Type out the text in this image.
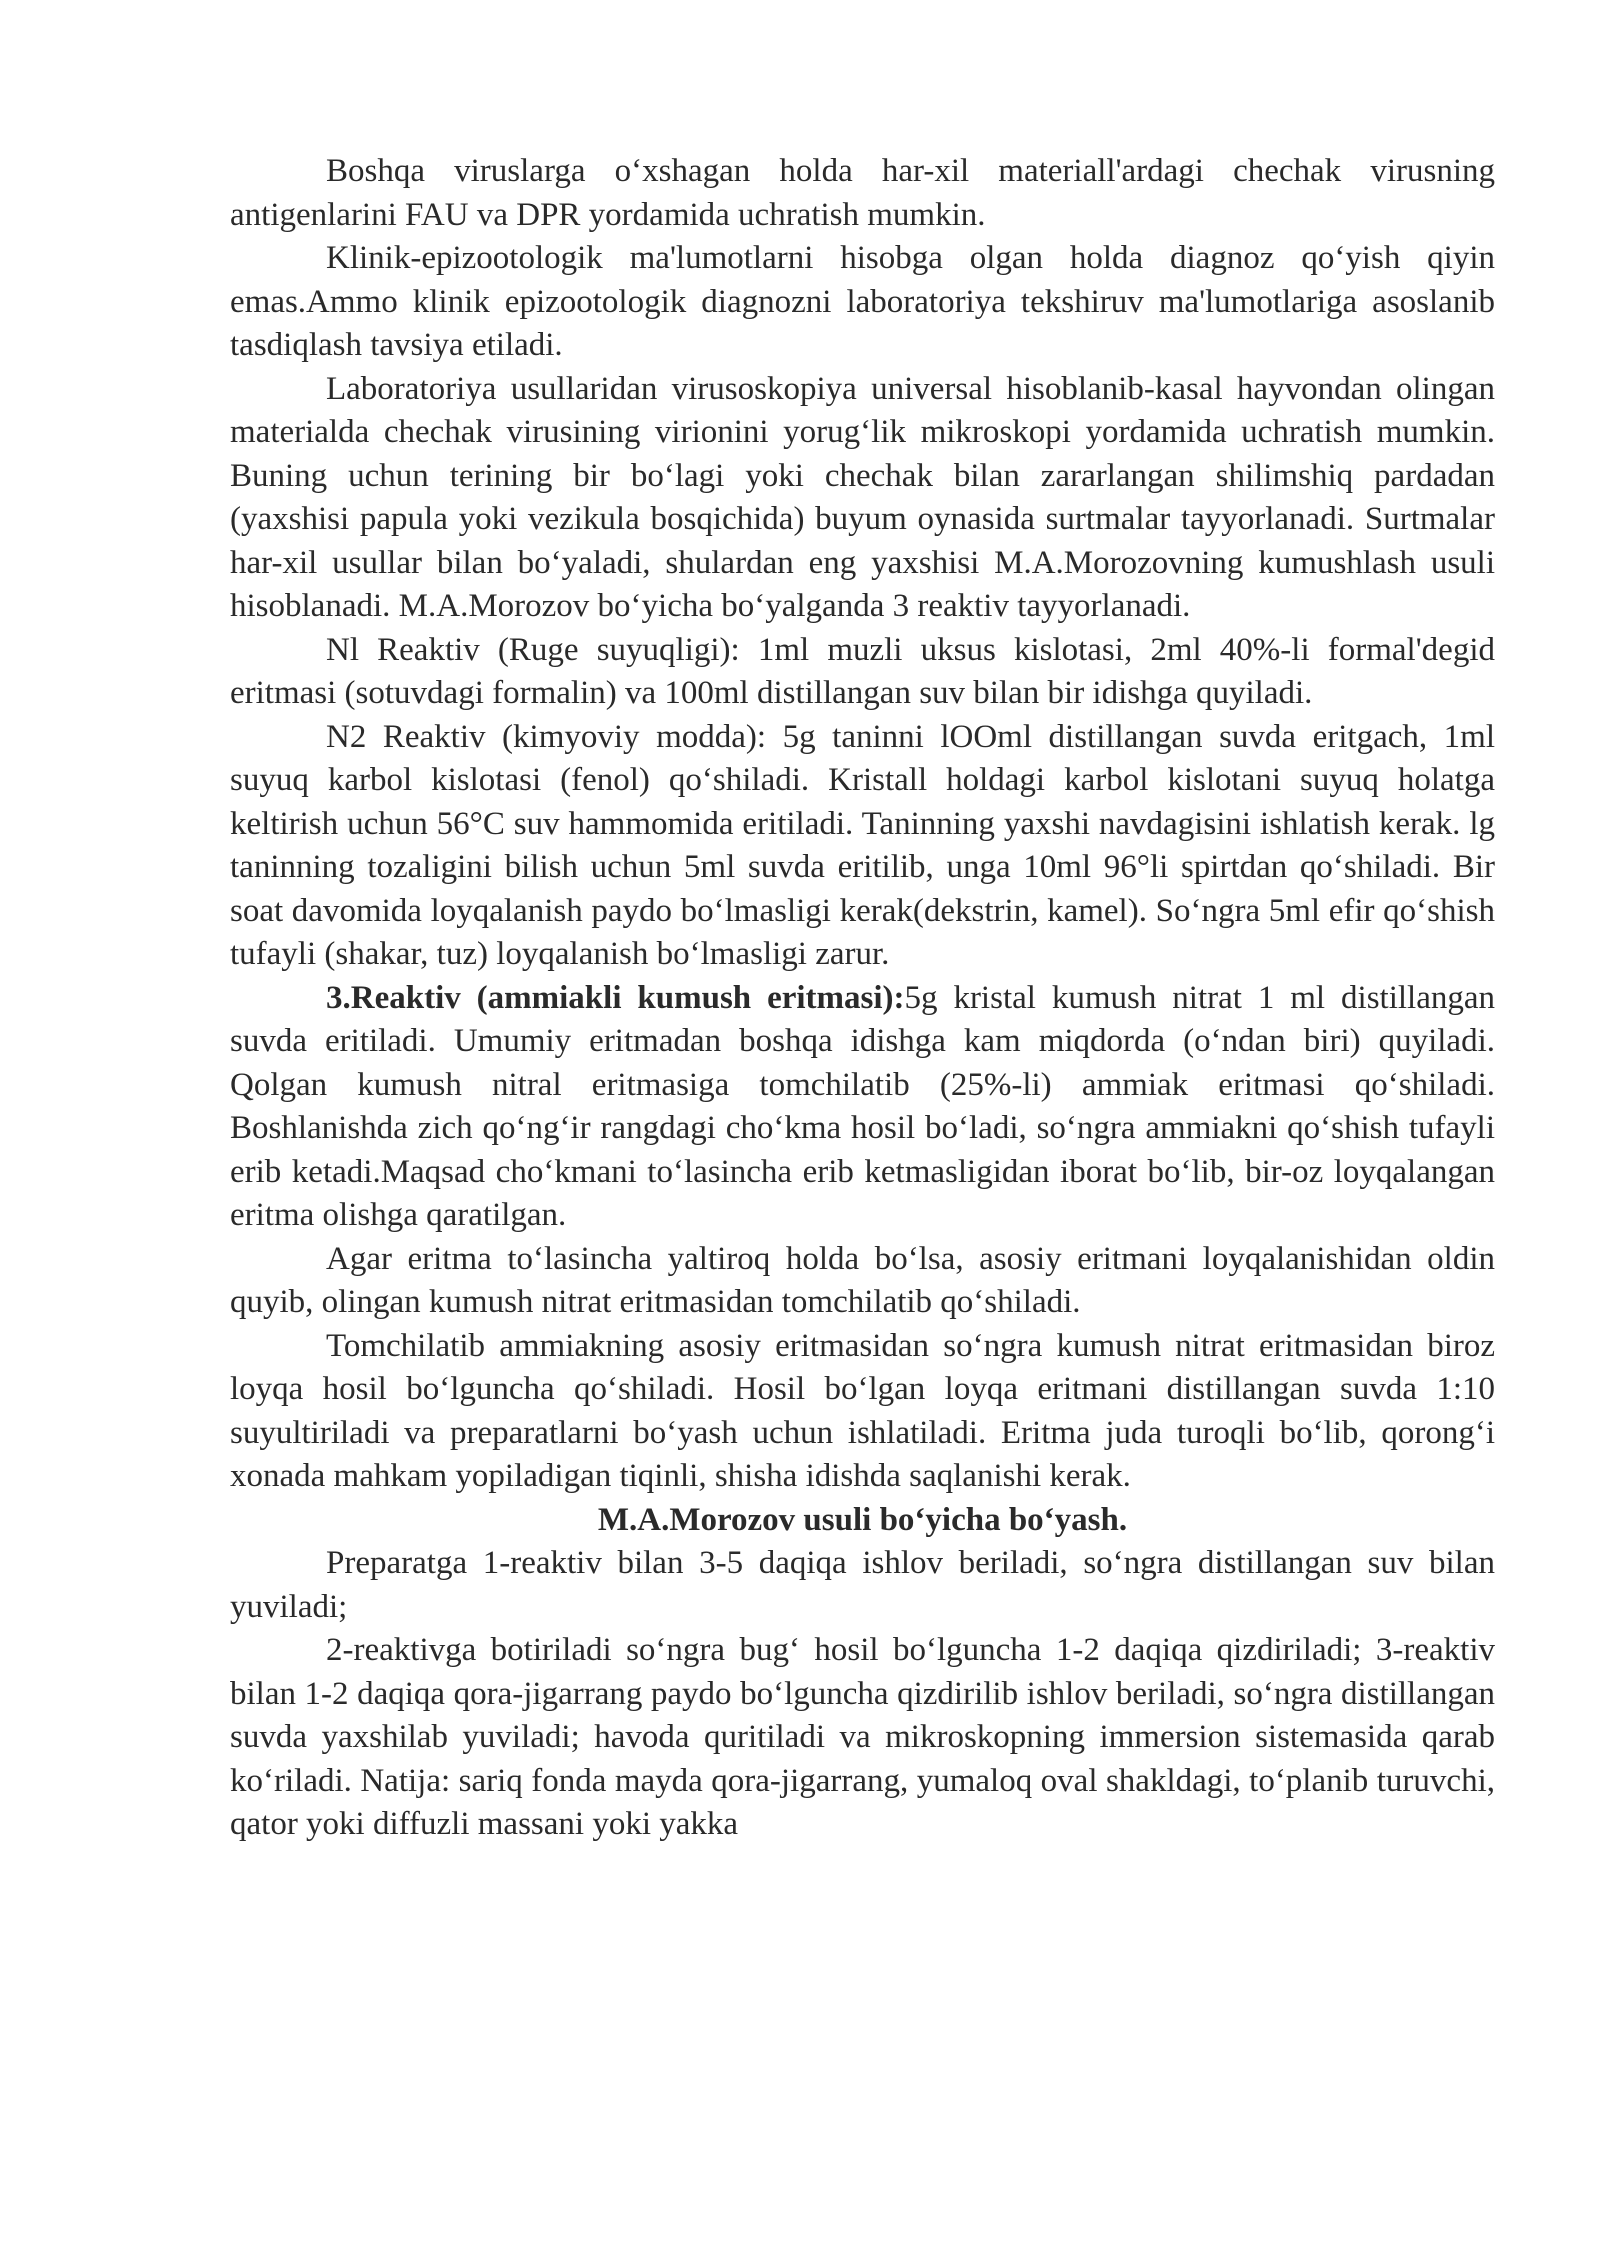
Boshqa viruslarga o‘xshagan holda har-xil materiall'ardagi chechak virusning antigenlarini FAU va DPR yordamida uchratish mumkin.

Klinik-epizootologik ma'lumotlarni hisobga olgan holda diagnoz qo‘yish qiyin emas.Ammo klinik epizootologik diagnozni laboratoriya tekshiruv ma'lumotlariga asoslanib tasdiqlash tavsiya etiladi.

Laboratoriya usullaridan virusoskopiya universal hisoblanib-kasal hayvondan olingan materialda chechak virusining virionini yorug‘lik mikroskopi yordamida uchratish mumkin. Buning uchun terining bir bo‘lagi yoki chechak bilan zararlangan shilimshiq pardadan (yaxshisi papula yoki vezikula bosqichida) buyum oynasida surtmalar tayyorlanadi. Surtmalar har-xil usullar bilan bo‘yaladi, shulardan eng yaxshisi M.A.Morozovning kumushlash usuli hisoblanadi. M.A.Morozov bo‘yicha bo‘yalganda 3 reaktiv tayyorlanadi.

Nl Reaktiv (Ruge suyuqligi): 1ml muzli uksus kislotasi, 2ml 40%-li formal'degid eritmasi (sotuvdagi formalin) va 100ml distillangan suv bilan bir idishga quyiladi.

N2 Reaktiv (kimyoviy modda): 5g taninni lOOml distillangan suvda eritgach, 1ml suyuq karbol kislotasi (fenol) qo‘shiladi. Kristall holdagi karbol kislotani suyuq holatga keltirish uchun 56°C suv hammomida eritiladi. Taninning yaxshi navdagisini ishlatish kerak. lg taninning tozaligini bilish uchun 5ml suvda eritilib, unga 10ml 96°li spirtdan qo‘shiladi. Bir soat davomida loyqalanish paydo bo‘lmasligi kerak(dekstrin, kamel). So‘ngra 5ml efir qo‘shish tufayli (shakar, tuz) loyqalanish bo‘lmasligi zarur.

3.Reaktiv (ammiakli kumush eritmasi):5g kristal kumush nitrat 1 ml distillangan suvda eritiladi. Umumiy eritmadan boshqa idishga kam miqdorda (o‘ndan biri) quyiladi. Qolgan kumush nitral eritmasiga tomchilatib (25%-li) ammiak eritmasi qo‘shiladi. Boshlanishda zich qo‘ng‘ir rangdagi cho‘kma hosil bo‘ladi, so‘ngra ammiakni qo‘shish tufayli erib ketadi.Maqsad cho‘kmani to‘lasincha erib ketmasligidan iborat bo‘lib, bir-oz loyqalangan eritma olishga qaratilgan.

Agar eritma to‘lasincha yaltiroq holda bo‘lsa, asosiy eritmani loyqalanishidan oldin quyib, olingan kumush nitrat eritmasidan tomchilatib qo‘shiladi.

Tomchilatib ammiakning asosiy eritmasidan so‘ngra kumush nitrat eritmasidan biroz loyqa hosil bo‘lguncha qo‘shiladi. Hosil bo‘lgan loyqa eritmani distillangan suvda 1:10 suyultiriladi va preparatlarni bo‘yash uchun ishlatiladi. Eritma juda turoqli bo‘lib, qorong‘i xonada mahkam yopiladigan tiqinli, shisha idishda saqlanishi kerak.

M.A.Morozov usuli bo‘yicha bo‘yash.

Preparatga 1-reaktiv bilan 3-5 daqiqa ishlov beriladi, so‘ngra distillangan suv bilan yuviladi;

2-reaktivga botiriladi so‘ngra bug‘ hosil bo‘lguncha 1-2 daqiqa qizdiriladi; 3-reaktiv bilan 1-2 daqiqa qora-jigarrang paydo bo‘lguncha qizdirilib ishlov beriladi, so‘ngra distillangan suvda yaxshilab yuviladi; havoda quritiladi va mikroskopning immersion sistemasida qarab ko‘riladi. Natija: sariq fonda mayda qora-jigarrang, yumaloq oval shakldagi, to‘planib turuvchi, qator yoki diffuzli massani yoki yakka
